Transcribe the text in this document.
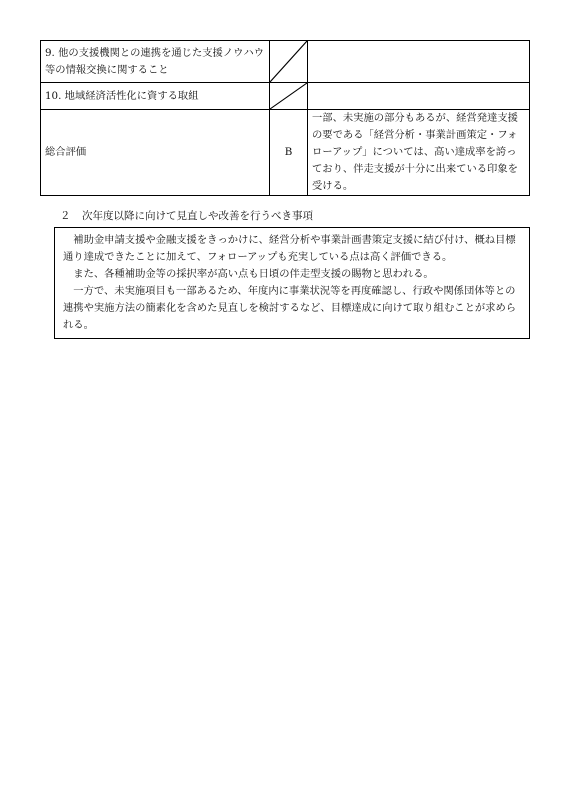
9. 他の支援機関との連携を通じた支援ノウハウ等の情報交換に関すること	

10. 地域経済活性化に資する取組	

総合評価	B	一部、未実施の部分もあるが、経営発達支援の要である「経営分析・事業計画策定・フォローアップ」については、高い達成率を誇っており、伴走支援が十分に出来ている印象を受ける。
２ 次年度以降に向けて見直しや改善を行うべき事項

補助金申請支援や金融支援をきっかけに、経営分析や事業計画書策定支援に結び付け、概ね目標通り達成できたことに加えて、フォローアップも充実している点は高く評価できる。

また、各種補助金等の採択率が高い点も日頃の伴走型支援の賜物と思われる。

一方で、未実施項目も一部あるため、年度内に事業状況等を再度確認し、行政や関係団体等との連携や実施方法の簡素化を含めた見直しを検討するなど、目標達成に向けて取り組むことが求められる。
